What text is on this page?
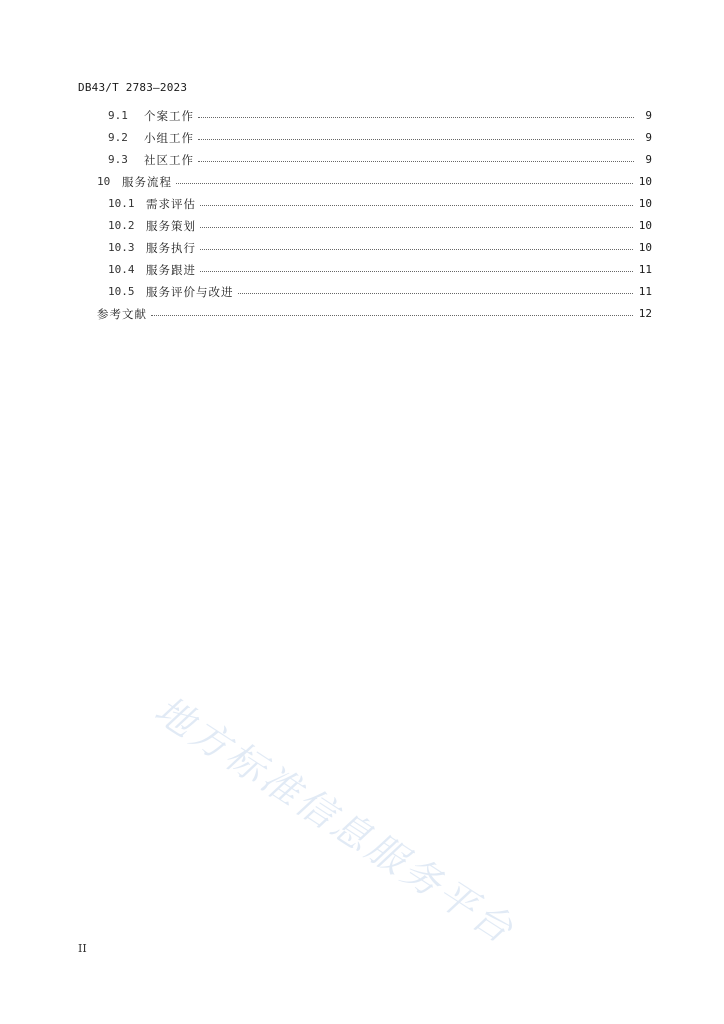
DB43/T 2783—2023
9.1	个案工作	9
9.2	小组工作	9
9.3	社区工作	9
10	服务流程	10
10.1	需求评估	10
10.2	服务策划	10
10.3	服务执行	10
10.4	服务跟进	11
10.5	服务评价与改进	11
参考文献	12
地方标准信息服务平台
II
